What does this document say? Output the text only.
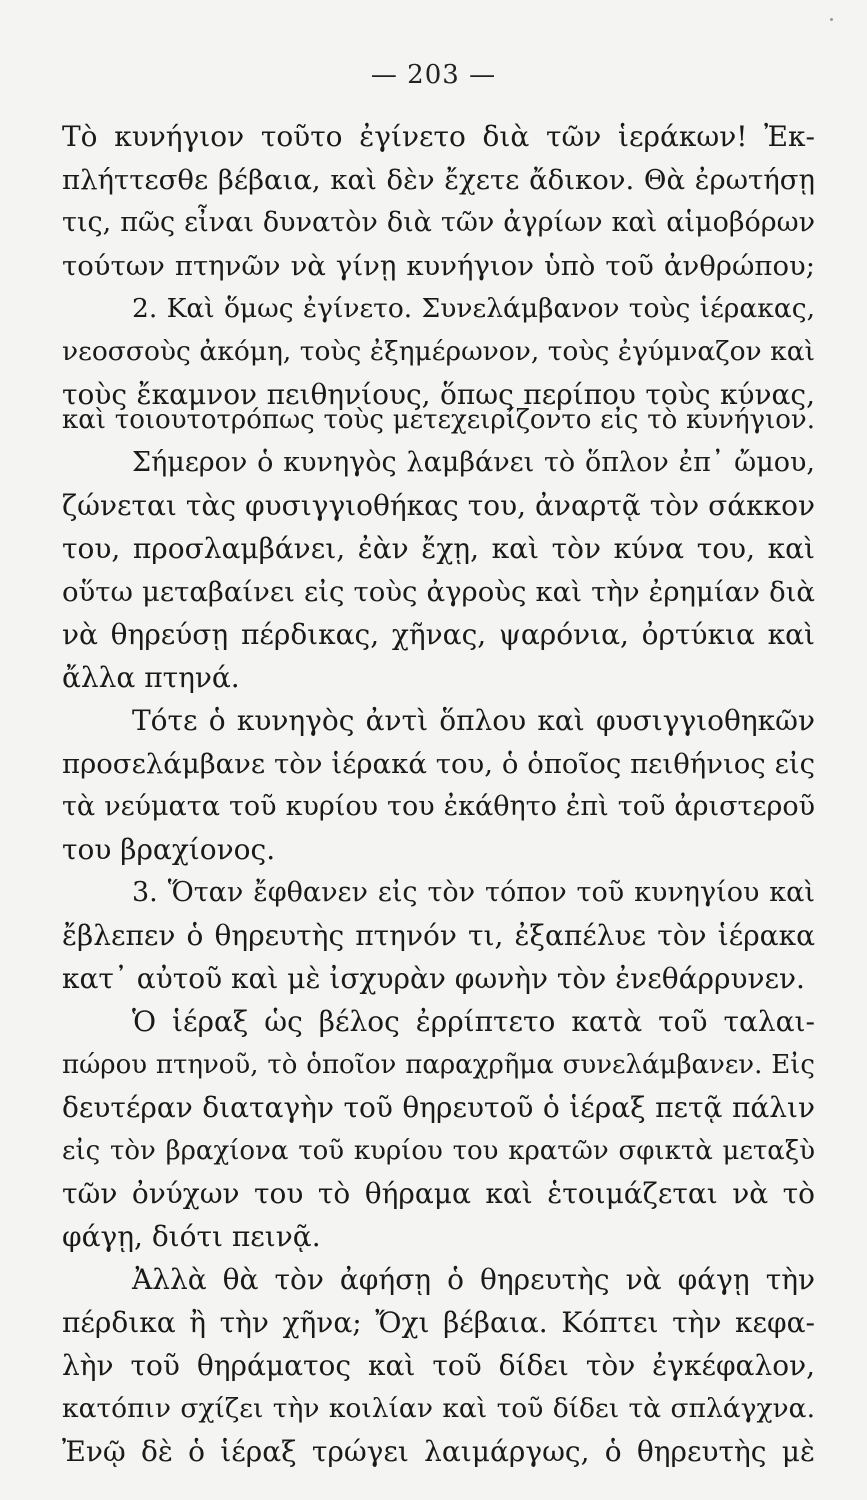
— 203 —
Τὸ κυνήγιον τοῦτο ἐγίνετο διὰ τῶν ἱεράκων! Ἐκ-
πλήττεσθε βέβαια, καὶ δὲν ἔχετε ἄδικον. Θὰ ἐρωτήσῃ
τις, πῶς εἶναι δυνατὸν διὰ τῶν ἀγρίων καὶ αἱμοβόρων
τούτων πτηνῶν νὰ γίνῃ κυνήγιον ὑπὸ τοῦ ἀνθρώπου;
2. Καὶ ὅμως ἐγίνετο. Συνελάμβανον τοὺς ἱέρακας,
νεοσσοὺς ἀκόμη, τοὺς ἐξημέρωνον, τοὺς ἐγύμναζον καὶ
τοὺς ἔκαμνον πειθηνίους, ὅπως περίπου τοὺς κύνας,
καὶ τοιουτοτρόπως τοὺς μετεχειρίζοντο εἰς τὸ κυνήγιον.
Σήμερον ὁ κυνηγὸς λαμβάνει τὸ ὅπλον ἐπ᾽ ὤμου,
ζώνεται τὰς φυσιγγιοθήκας του, ἀναρτᾷ τὸν σάκκον
του, προσλαμβάνει, ἐὰν ἔχῃ, καὶ τὸν κύνα του, καὶ
οὕτω μεταβαίνει εἰς τοὺς ἀγροὺς καὶ τὴν ἐρημίαν διὰ
νὰ θηρεύσῃ πέρδικας, χῆνας, ψαρόνια, ὀρτύκια καὶ
ἄλλα πτηνά.
Τότε ὁ κυνηγὸς ἀντὶ ὅπλου καὶ φυσιγγιοθηκῶν
προσελάμβανε τὸν ἱέρακά του, ὁ ὁποῖος πειθήνιος εἰς
τὰ νεύματα τοῦ κυρίου του ἐκάθητο ἐπὶ τοῦ ἀριστεροῦ
του βραχίονος.
3. Ὅταν ἔφθανεν εἰς τὸν τόπον τοῦ κυνηγίου καὶ
ἔβλεπεν ὁ θηρευτὴς πτηνόν τι, ἐξαπέλυε τὸν ἱέρακα
κατ᾽ αὐτοῦ καὶ μὲ ἰσχυρὰν φωνὴν τὸν ἐνεθάρρυνεν.
Ὁ ἱέραξ ὡς βέλος ἐρρίπτετο κατὰ τοῦ ταλαι-
πώρου πτηνοῦ, τὸ ὁποῖον παραχρῆμα συνελάμβανεν. Εἰς
δευτέραν διαταγὴν τοῦ θηρευτοῦ ὁ ἱέραξ πετᾷ πάλιν
εἰς τὸν βραχίονα τοῦ κυρίου του κρατῶν σφικτὰ μεταξὺ
τῶν ὀνύχων του τὸ θήραμα καὶ ἑτοιμάζεται νὰ τὸ
φάγῃ, διότι πεινᾷ.
Ἀλλὰ θὰ τὸν ἀφήσῃ ὁ θηρευτὴς νὰ φάγῃ τὴν
πέρδικα ἢ τὴν χῆνα; Ὄχι βέβαια. Κόπτει τὴν κεφα-
λὴν τοῦ θηράματος καὶ τοῦ δίδει τὸν ἐγκέφαλον,
κατόπιν σχίζει τὴν κοιλίαν καὶ τοῦ δίδει τὰ σπλάγχνα.
Ἐνῷ δὲ ὁ ἱέραξ τρώγει λαιμάργως, ὁ θηρευτὴς μὲ
